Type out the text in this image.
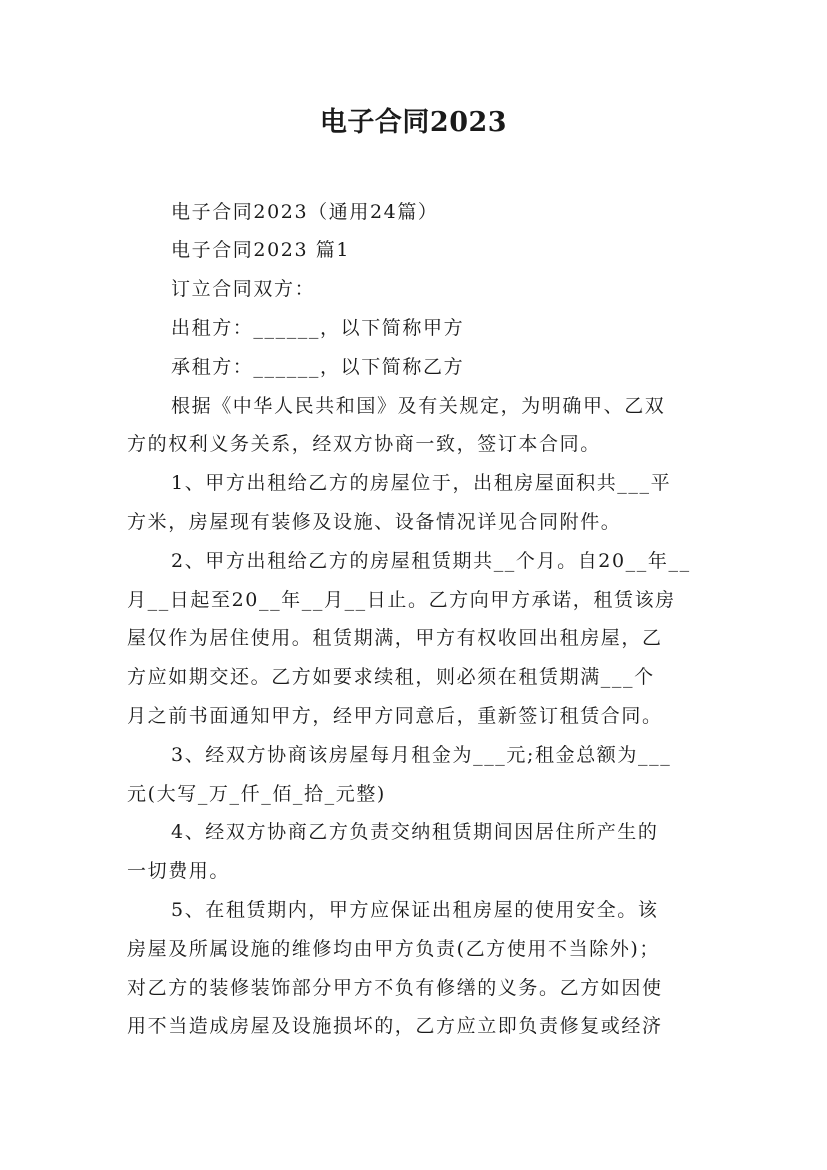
电子合同2023
电子合同2023（通用24篇）
电子合同2023 篇1
订立合同双方：
出租方：______，以下简称甲方
承租方：______，以下简称乙方
根据《中华人民共和国》及有关规定，为明确甲、乙双
方的权利义务关系，经双方协商一致，签订本合同。
1、甲方出租给乙方的房屋位于，出租房屋面积共___平
方米，房屋现有装修及设施、设备情况详见合同附件。
2、甲方出租给乙方的房屋租赁期共__个月。自20__年__
月__日起至20__年__月__日止。乙方向甲方承诺，租赁该房
屋仅作为居住使用。租赁期满，甲方有权收回出租房屋，乙
方应如期交还。乙方如要求续租，则必须在租赁期满___个
月之前书面通知甲方，经甲方同意后，重新签订租赁合同。
3、经双方协商该房屋每月租金为___元;租金总额为___
元(大写_万_仟_佰_拾_元整)
4、经双方协商乙方负责交纳租赁期间因居住所产生的
一切费用。
5、在租赁期内，甲方应保证出租房屋的使用安全。该
房屋及所属设施的维修均由甲方负责(乙方使用不当除外)；
对乙方的装修装饰部分甲方不负有修缮的义务。乙方如因使
用不当造成房屋及设施损坏的，乙方应立即负责修复或经济
